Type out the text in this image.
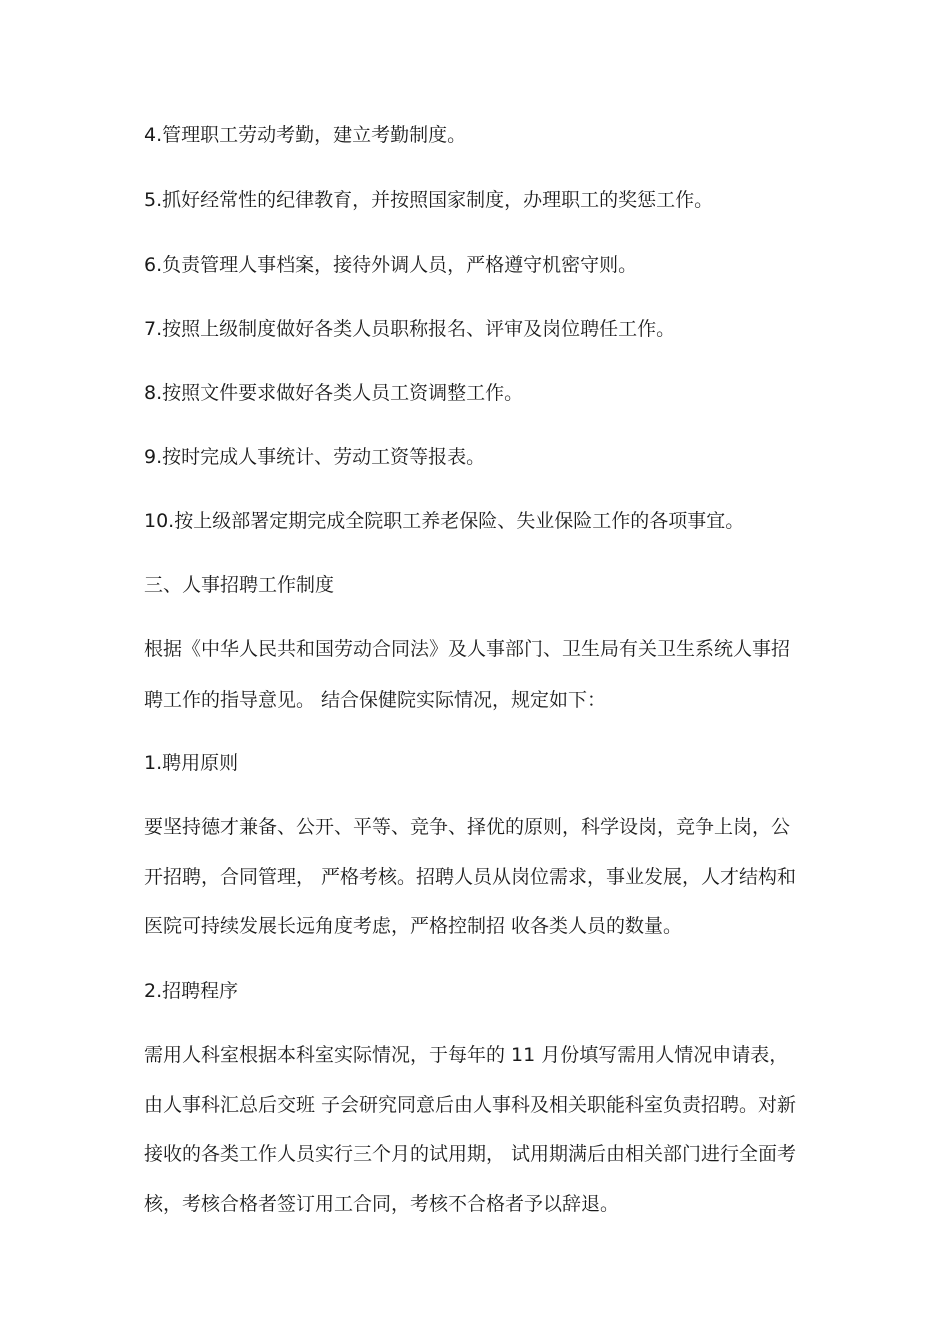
4.管理职工劳动考勤，建立考勤制度。
5.抓好经常性的纪律教育，并按照国家制度，办理职工的奖惩工作。
6.负责管理人事档案，接待外调人员，严格遵守机密守则。
7.按照上级制度做好各类人员职称报名、评审及岗位聘任工作。
8.按照文件要求做好各类人员工资调整工作。
9.按时完成人事统计、劳动工资等报表。
10.按上级部署定期完成全院职工养老保险、失业保险工作的各项事宜。
三、人事招聘工作制度
根据《中华人民共和国劳动合同法》及人事部门、卫生局有关卫生系统人事招
聘工作的指导意见。 结合保健院实际情况，规定如下：
1.聘用原则
要坚持德才兼备、公开、平等、竞争、择优的原则，科学设岗，竞争上岗，公
开招聘，合同管理， 严格考核。招聘人员从岗位需求，事业发展，人才结构和
医院可持续发展长远角度考虑，严格控制招 收各类人员的数量。
2.招聘程序
需用人科室根据本科室实际情况，于每年的 11 月份填写需用人情况申请表，
由人事科汇总后交班 子会研究同意后由人事科及相关职能科室负责招聘。对新
接收的各类工作人员实行三个月的试用期， 试用期满后由相关部门进行全面考
核，考核合格者签订用工合同，考核不合格者予以辞退。
